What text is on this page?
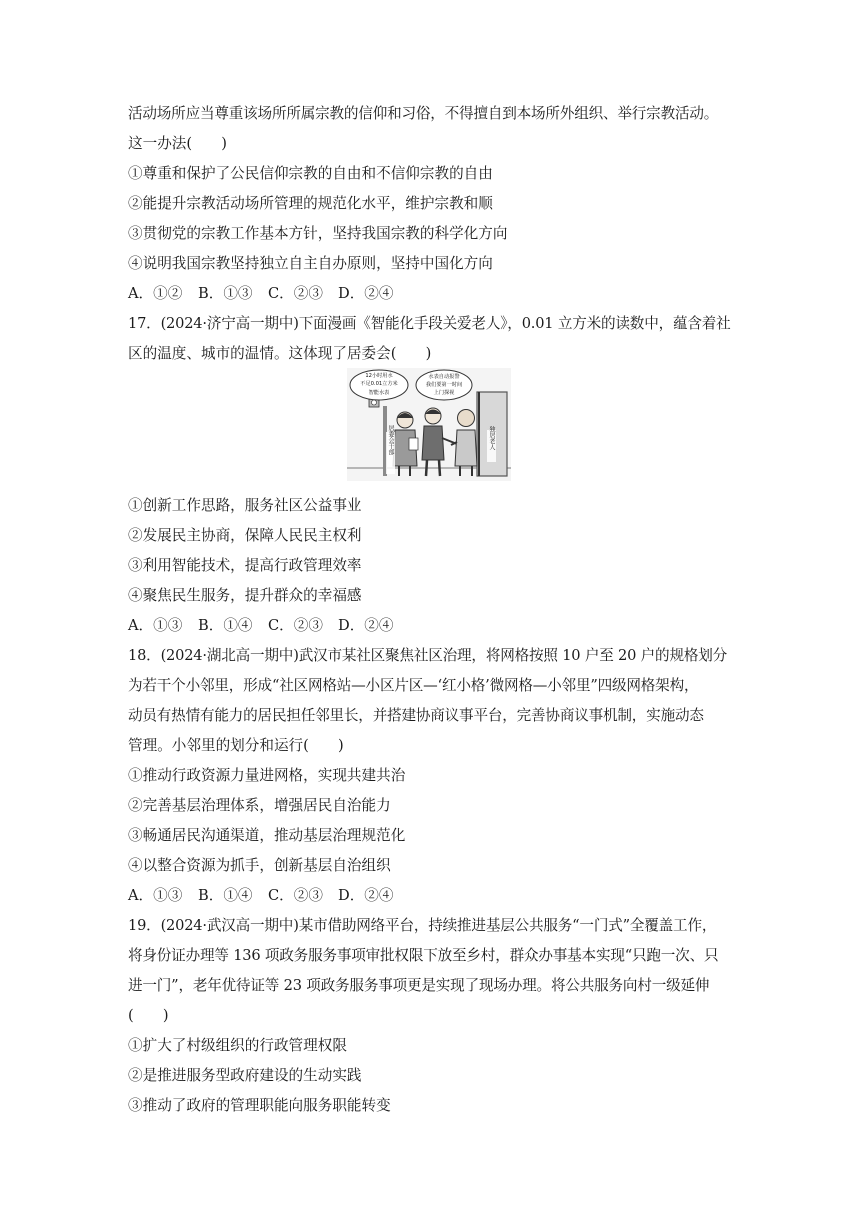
活动场所应当尊重该场所所属宗教的信仰和习俗，不得擅自到本场所外组织、举行宗教活动。
这一办法(　　)
①尊重和保护了公民信仰宗教的自由和不信仰宗教的自由
②能提升宗教活动场所管理的规范化水平，维护宗教和顺
③贯彻党的宗教工作基本方针，坚持我国宗教的科学化方向
④说明我国宗教坚持独立自主自办原则，坚持中国化方向
A．①② B．①③ C．②③ D．②④
17．(2024·济宁高一期中)下面漫画《智能化手段关爱老人》，0.01 立方米的读数中，蕴含着社
区的温度、城市的温情。这体现了居委会(　　)
12小时用水
不足0.01立方米
智能水表
水表自动报警
我们要第一时间
上门探视
居委会干部	独居老人
①创新工作思路，服务社区公益事业
②发展民主协商，保障人民民主权利
③利用智能技术，提高行政管理效率
④聚焦民生服务，提升群众的幸福感
A．①③ B．①④ C．②③ D．②④
18．(2024·湖北高一期中)武汉市某社区聚焦社区治理，将网格按照 10 户至 20 户的规格划分
为若干个小邻里，形成“社区网格站—小区片区—‘红小格’微网格—小邻里”四级网格架构，
动员有热情有能力的居民担任邻里长，并搭建协商议事平台，完善协商议事机制，实施动态
管理。小邻里的划分和运行(　　)
①推动行政资源力量进网格，实现共建共治
②完善基层治理体系，增强居民自治能力
③畅通居民沟通渠道，推动基层治理规范化
④以整合资源为抓手，创新基层自治组织
A．①③ B．①④ C．②③ D．②④
19．(2024·武汉高一期中)某市借助网络平台，持续推进基层公共服务“一门式”全覆盖工作，
将身份证办理等 136 项政务服务事项审批权限下放至乡村，群众办事基本实现“只跑一次、只
进一门”，老年优待证等 23 项政务服务事项更是实现了现场办理。将公共服务向村一级延伸
(　　)
①扩大了村级组织的行政管理权限
②是推进服务型政府建设的生动实践
③推动了政府的管理职能向服务职能转变
